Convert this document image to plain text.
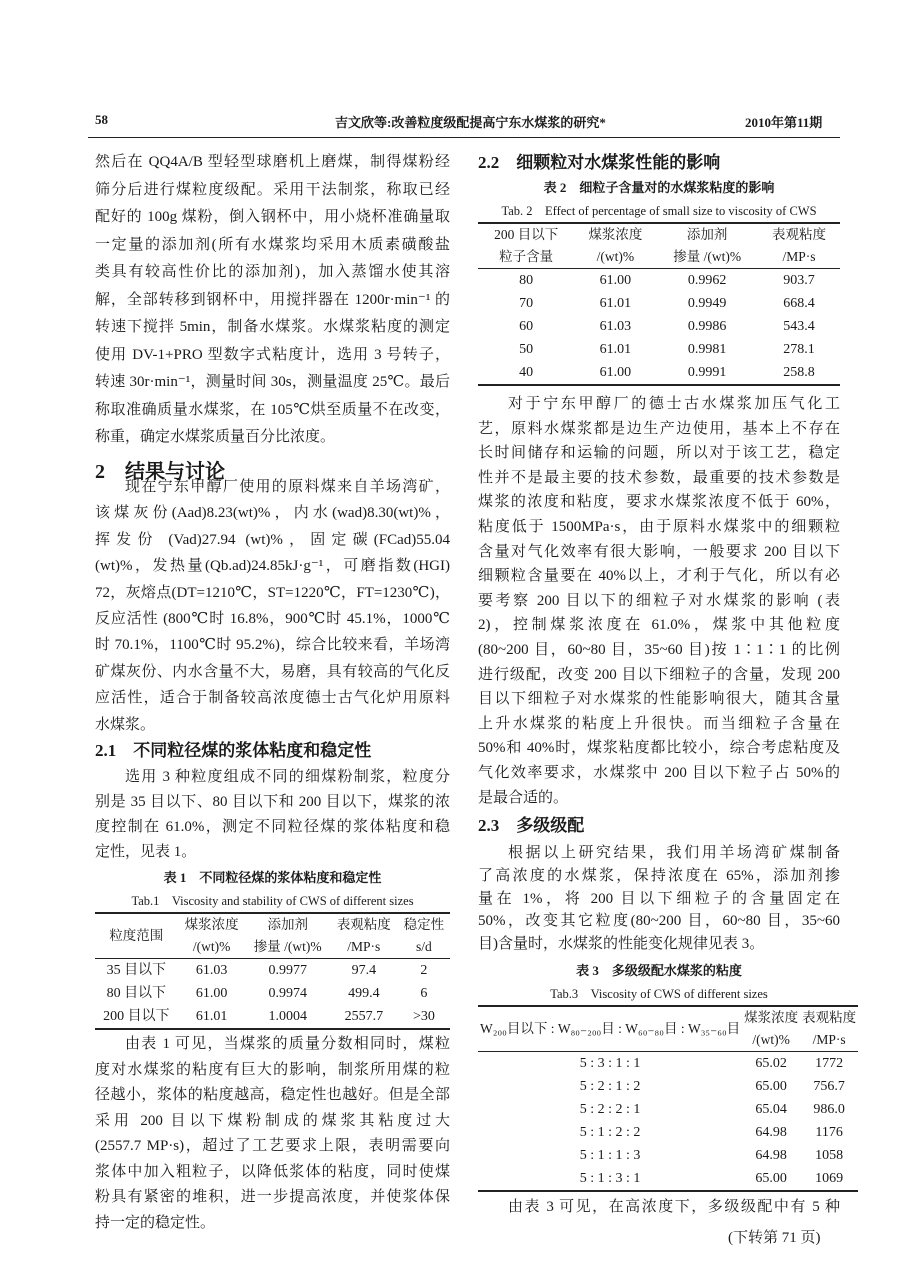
58	吉文欣等:改善粒度级配提高宁东水煤浆的研究*	2010年第11期
然后在 QQ4A/B 型轻型球磨机上磨煤，制得煤粉经
筛分后进行煤粒度级配。采用干法制浆，称取已经
配好的 100g 煤粉，倒入钢杯中，用小烧杯准确量取
一定量的添加剂(所有水煤浆均采用木质素磺酸盐
类具有较高性价比的添加剂)，加入蒸馏水使其溶
解，全部转移到钢杯中，用搅拌器在 1200r·min⁻¹ 的
转速下搅拌 5min，制备水煤浆。水煤浆粘度的测定
使用 DV-1+PRO 型数字式粘度计，选用 3 号转子，
转速 30r·min⁻¹，测量时间 30s，测量温度 25℃。最后
称取准确质量水煤浆，在 105℃烘至质量不在改变，
称重，确定水煤浆质量百分比浓度。
2　结果与讨论
现在宁东甲醇厂使用的原料煤来自羊场湾矿，
该煤灰份(Aad)8.23(wt)%，内水(wad)8.30(wt)%，
挥发份 (Vad)27.94 (wt)%，固定碳(FCad)55.04
(wt)%，发热量(Qb.ad)24.85kJ·g⁻¹，可磨指数(HGI)
72，灰熔点(DT=1210℃，ST=1220℃，FT=1230℃)，
反应活性 (800℃时 16.8%，900℃时 45.1%，1000℃
时 70.1%，1100℃时 95.2%)，综合比较来看，羊场湾
矿煤灰份、内水含量不大，易磨，具有较高的气化反
应活性，适合于制备较高浓度德士古气化炉用原料
水煤浆。
2.1　不同粒径煤的浆体粘度和稳定性
选用 3 种粒度组成不同的细煤粉制浆，粒度分
别是 35 目以下、80 目以下和 200 目以下，煤浆的浓
度控制在 61.0%，测定不同粒径煤的浆体粘度和稳
定性，见表 1。
表 1　不同粒径煤的浆体粘度和稳定性
Tab.1　Viscosity and stability of CWS of different sizes
粒度范围	煤浆浓度	添加剂	表观粘度	稳定性
	/(wt)%	掺量 /(wt)%	/MP·s	s/d
35 目以下	61.03	0.9977	97.4	2
80 目以下	61.00	0.9974	499.4	6
200 目以下	61.01	1.0004	2557.7	>30
由表 1 可见，当煤浆的质量分数相同时，煤粒
度对水煤浆的粘度有巨大的影响，制浆所用煤的粒
径越小，浆体的粘度越高，稳定性也越好。但是全部
采用 200 目以下煤粉制成的煤浆其粘度过大
(2557.7 MP·s)，超过了工艺要求上限，表明需要向
浆体中加入粗粒子，以降低浆体的粘度，同时使煤
粉具有紧密的堆积，进一步提高浓度，并使浆体保
持一定的稳定性。
2.2　细颗粒对水煤浆性能的影响
表 2　细粒子含量对的水煤浆粘度的影响
Tab. 2　Effect of percentage of small size to viscosity of CWS
200 目以下	煤浆浓度	添加剂	表观粘度
粒子含量	/(wt)%	掺量 /(wt)%	/MP·s
80	61.00	0.9962	903.7
70	61.01	0.9949	668.4
60	61.03	0.9986	543.4
50	61.01	0.9981	278.1
40	61.00	0.9991	258.8
对于宁东甲醇厂的德士古水煤浆加压气化工
艺，原料水煤浆都是边生产边使用，基本上不存在
长时间储存和运输的问题，所以对于该工艺，稳定
性并不是最主要的技术参数，最重要的技术参数是
煤浆的浓度和粘度，要求水煤浆浓度不低于 60%，
粘度低于 1500MPa·s，由于原料水煤浆中的细颗粒
含量对气化效率有很大影响，一般要求 200 目以下
细颗粒含量要在 40%以上，才利于气化，所以有必
要考察 200 目以下的细粒子对水煤浆的影响 (表
2)，控制煤浆浓度在 61.0%，煤浆中其他粒度
(80~200 目，60~80 目，35~60 目)按 1∶1∶1 的比例
进行级配，改变 200 目以下细粒子的含量，发现 200
目以下细粒子对水煤浆的性能影响很大，随其含量
上升水煤浆的粘度上升很快。而当细粒子含量在
50%和 40%时，煤浆粘度都比较小，综合考虑粘度及
气化效率要求，水煤浆中 200 目以下粒子占 50%的
是最合适的。
2.3　多级级配
根据以上研究结果，我们用羊场湾矿煤制备
了高浓度的水煤浆，保持浓度在 65%，添加剂掺
量在 1%，将 200 目以下细粒子的含量固定在
50%，改变其它粒度(80~200 目，60~80 目，35~60
目)含量时，水煤浆的性能变化规律见表 3。
表 3　多级级配水煤浆的粘度
Tab.3　Viscosity of CWS of different sizes
W₂₀₀目以下 : W₈₀₋₂₀₀目 : W₆₀₋₈₀目 : W₃₅₋₆₀目	煤浆浓度	表观粘度
	/(wt)%	/MP·s
5 : 3 : 1 : 1	65.02	1772
5 : 2 : 1 : 2	65.00	756.7
5 : 2 : 2 : 1	65.04	986.0
5 : 1 : 2 : 2	64.98	1176
5 : 1 : 1 : 3	64.98	1058
5 : 1 : 3 : 1	65.00	1069
由表 3 可见，在高浓度下，多级级配中有 5 种
(下转第 71 页)
